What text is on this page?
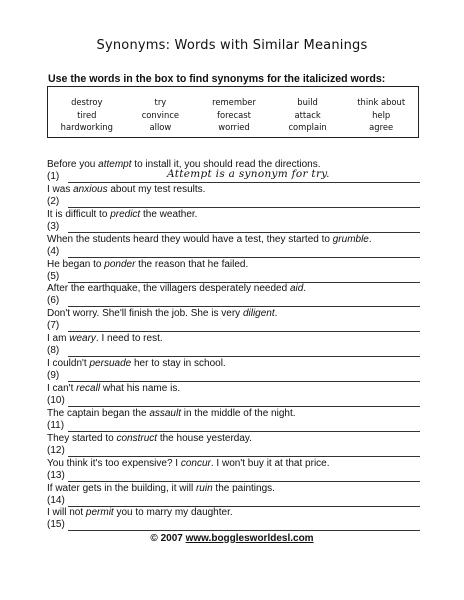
Synonyms: Words with Similar Meanings
Use the words in the box to find synonyms for the italicized words:
destroy	try	remember	build	think about
tired	convince	forecast	attack	help
hardworking	allow	worried	complain	agree
Before you attempt to install it, you should read the directions.
(1)	Attempt is a synonym for try.
I was anxious about my test results.
(2)
It is difficult to predict the weather.
(3)
When the students heard they would have a test, they started to grumble.
(4)
He began to ponder the reason that he failed.
(5)
After the earthquake, the villagers desperately needed aid.
(6)
Don't worry. She'll finish the job. She is very diligent.
(7)
I am weary. I need to rest.
(8)
I couldn't persuade her to stay in school.
(9)
I can't recall what his name is.
(10)
The captain began the assault in the middle of the night.
(11)
They started to construct the house yesterday.
(12)
You think it's too expensive? I concur. I won't buy it at that price.
(13)
If water gets in the building, it will ruin the paintings.
(14)
I will not permit you to marry my daughter.
(15)
© 2007 www.bogglesworldesl.com
